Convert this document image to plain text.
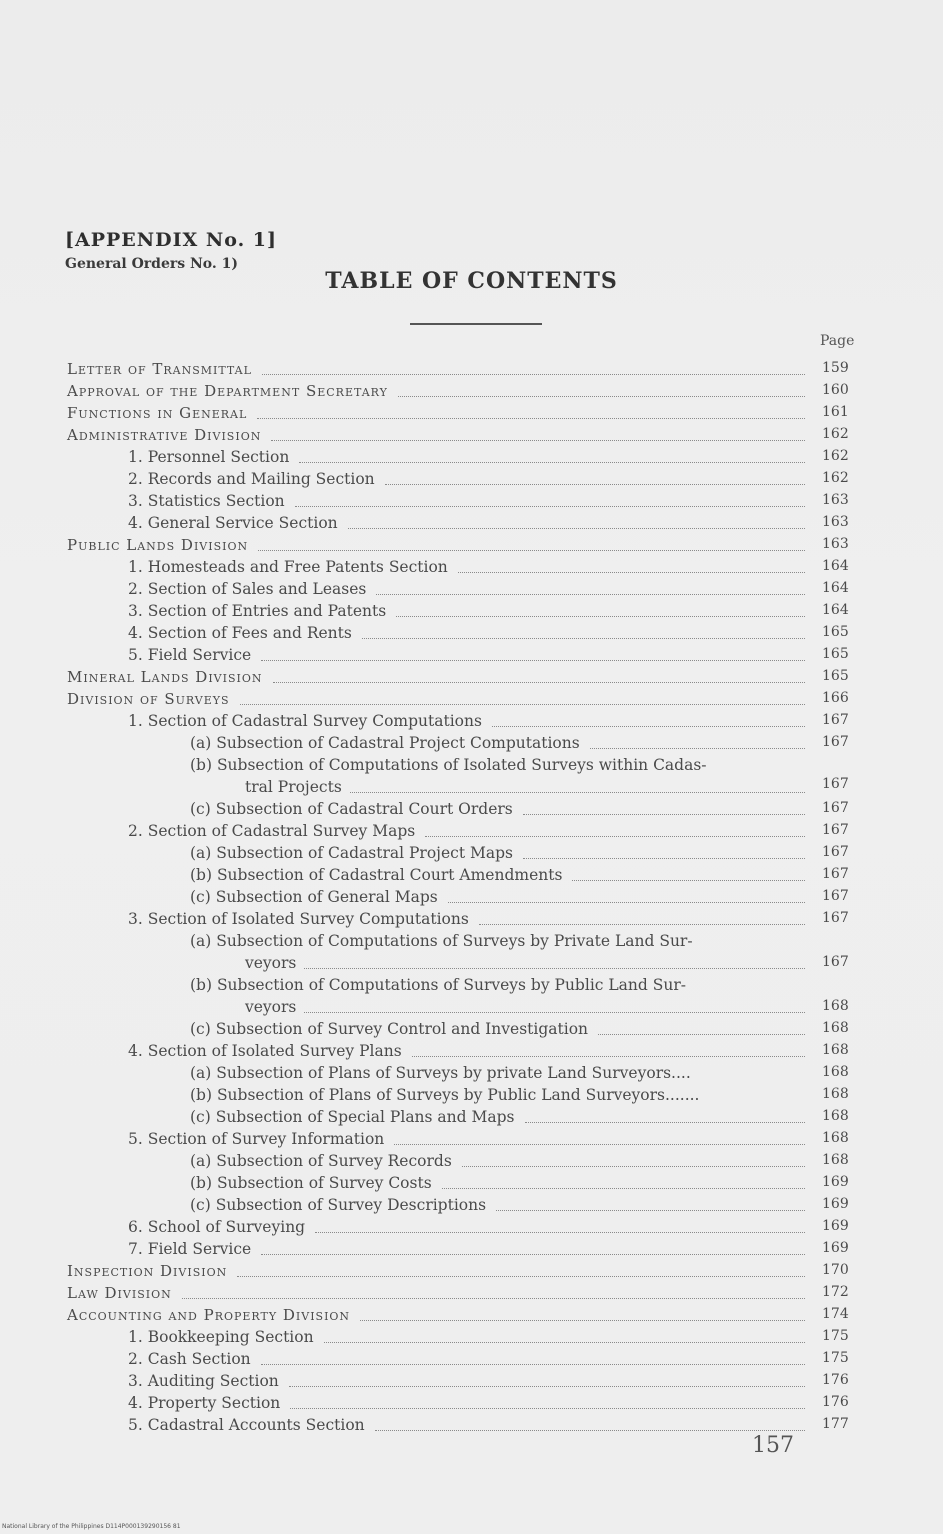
[APPENDIX No. 1]
General Orders No. 1)
TABLE OF CONTENTS
Page
Letter of Transmittal	159
Approval of the Department Secretary	160
Functions in General	161
Administrative Division	162
1. Personnel Section	162
2. Records and Mailing Section	162
3. Statistics Section	163
4. General Service Section	163
Public Lands Division	163
1. Homesteads and Free Patents Section	164
2. Section of Sales and Leases	164
3. Section of Entries and Patents	164
4. Section of Fees and Rents	165
5. Field Service	165
Mineral Lands Division	165
Division of Surveys	166
1. Section of Cadastral Survey Computations	167
(a) Subsection of Cadastral Project Computations	167
(b) Subsection of Computations of Isolated Surveys within Cadas-
tral Projects	167
(c) Subsection of Cadastral Court Orders	167
2. Section of Cadastral Survey Maps	167
(a) Subsection of Cadastral Project Maps	167
(b) Subsection of Cadastral Court Amendments	167
(c) Subsection of General Maps	167
3. Section of Isolated Survey Computations	167
(a) Subsection of Computations of Surveys by Private Land Sur-
veyors	167
(b) Subsection of Computations of Surveys by Public Land Sur-
veyors	168
(c) Subsection of Survey Control and Investigation	168
4. Section of Isolated Survey Plans	168
(a) Subsection of Plans of Surveys by private Land Surveyors....	168
(b) Subsection of Plans of Surveys by Public Land Surveyors.......	168
(c) Subsection of Special Plans and Maps	168
5. Section of Survey Information	168
(a) Subsection of Survey Records	168
(b) Subsection of Survey Costs	169
(c) Subsection of Survey Descriptions	169
6. School of Surveying	169
7. Field Service	169
Inspection Division	170
Law Division	172
Accounting and Property Division	174
1. Bookkeeping Section	175
2. Cash Section	175
3. Auditing Section	176
4. Property Section	176
5. Cadastral Accounts Section	177
157
National Library of the Philippines D114P000139290156 81
